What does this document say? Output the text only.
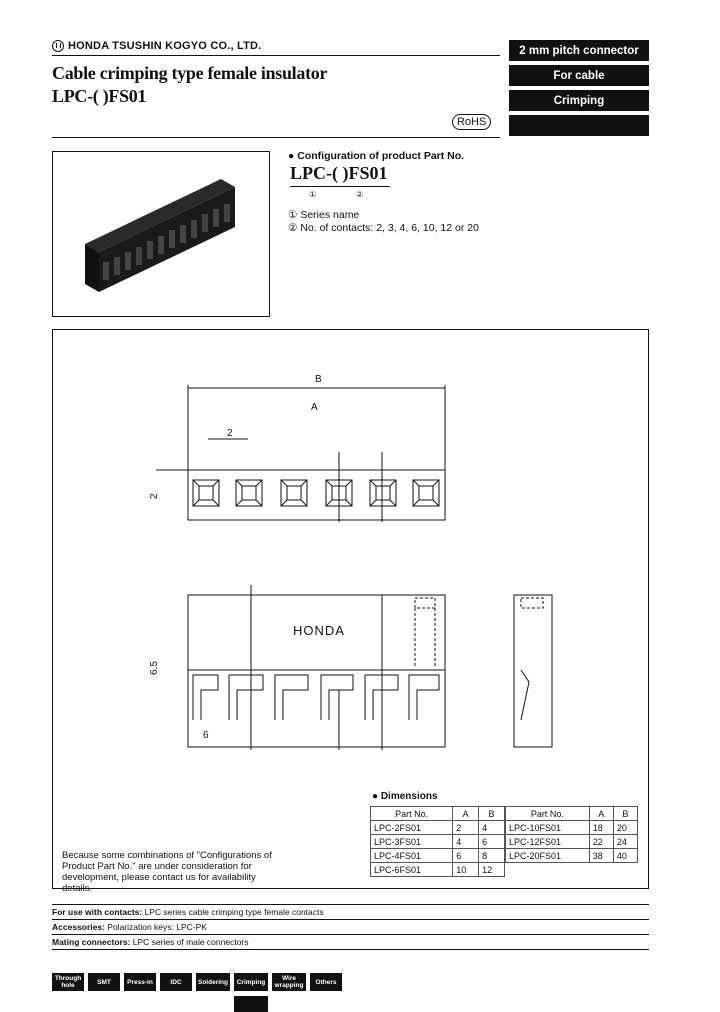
HONDA TSUSHIN KOGYO CO., LTD.
Cable crimping type female insulator
LPC-( )FS01
RoHS
2 mm pitch connector
For cable
Crimping
● Configuration of product Part No.
LPC-( )FS01
①	②
① Series name
② No. of contacts: 2, 3, 4, 6, 10, 12 or 20
B
A
2
2
HONDA
6.5
6
● Dimensions
Part No.	A	B
LPC-2FS01	2	4
LPC-3FS01	4	6
LPC-4FS01	6	8
LPC-6FS01	10	12
Part No.	A	B
LPC-10FS01	18	20
LPC-12FS01	22	24
LPC-20FS01	38	40
Because some combinations of "Configurations of Product Part No." are under consideration for development, please contact us for availability details.
For use with contacts: LPC series cable crimping type female contacts
Accessories: Polarization keys: LPC-PK
Mating connectors: LPC series of male connectors
Through hole	SMT	Press-in	IDC	Soldering	Crimping	Wire wrapping	Others
